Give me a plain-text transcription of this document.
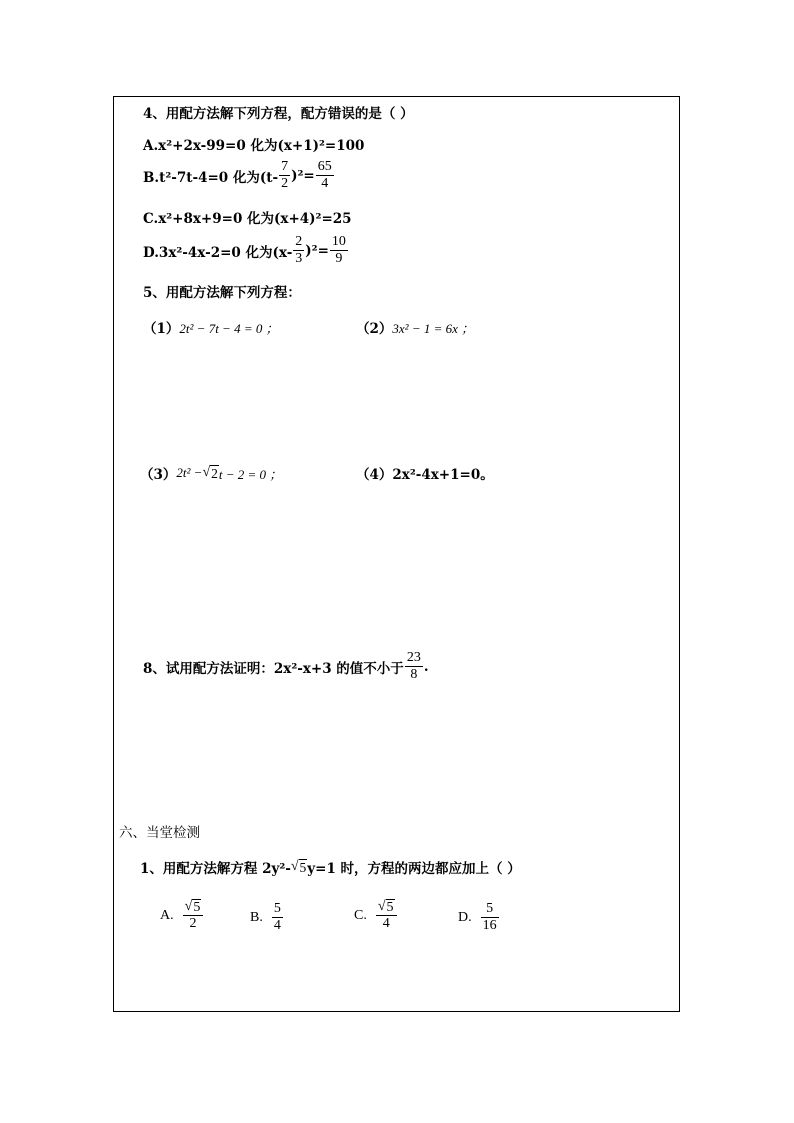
4、用配方法解下列方程，配方错误的是（ ）
A.x²+2x-99=0 化为(x+1)²=100
B.t²-7t-4=0 化为$(t- \frac{7}{2} )^2= \frac{65}{4}$
C.x²+8x+9=0 化为(x+4)²=25
D.3x²-4x-2=0 化为$(x- \frac{2}{3} )^2= \frac{10}{9}$
5、用配方法解下列方程：
（1） 2t² − 7t − 4 = 0 ；	（2） 3x² − 1 = 6x ；
（3） 2t² − √ 2 t − 2 = 0 ；	（4） 2x²-4x+1=0。
8、试用配方法证明：2x²-x+3 的值不小于 $\frac{23}{8}$ .
六、当堂检测
1、用配方法解方程 2y²- √ 5 y=1 时，方程的两边都应加上（ ）
A. $\frac{√ 5}{2}$	B. $\frac{5}{4}$	C. $\frac{√ 5}{4}$	D. $\frac{5}{16}$
